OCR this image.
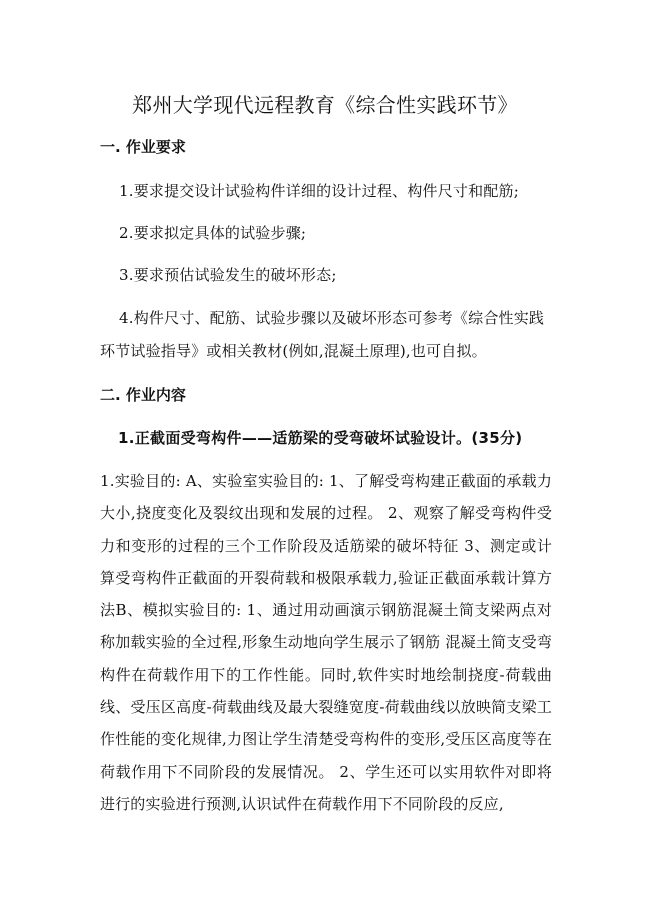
郑州大学现代远程教育《综合性实践环节》
一. 作业要求
1.要求提交设计试验构件详细的设计过程、构件尺寸和配筋;
2.要求拟定具体的试验步骤;
3.要求预估试验发生的破坏形态;
4.构件尺寸、配筋、试验步骤以及破坏形态可参考《综合性实践环节试验指导》或相关教材(例如,混凝土原理),也可自拟。
二. 作业内容
1.正截面受弯构件——适筋梁的受弯破坏试验设计。(35分)
1.实验目的: A、实验室实验目的: 1、了解受弯构建正截面的承载力大小,挠度变化及裂纹出现和发展的过程。 2、观察了解受弯构件受力和变形的过程的三个工作阶段及适筋梁的破坏特征 3、测定或计算受弯构件正截面的开裂荷载和极限承载力,验证正截面承载计算方法B、模拟实验目的: 1、通过用动画演示钢筋混凝土简支梁两点对称加载实验的全过程,形象生动地向学生展示了钢筋 混凝土简支受弯构件在荷载作用下的工作性能。同时,软件实时地绘制挠度-荷载曲线、受压区高度-荷载曲线及最大裂缝宽度-荷载曲线以放映简支梁工作性能的变化规律,力图让学生清楚受弯构件的变形,受压区高度等在荷载作用下不同阶段的发展情况。 2、学生还可以实用软件对即将进行的实验进行预测,认识试件在荷载作用下不同阶段的反应,
